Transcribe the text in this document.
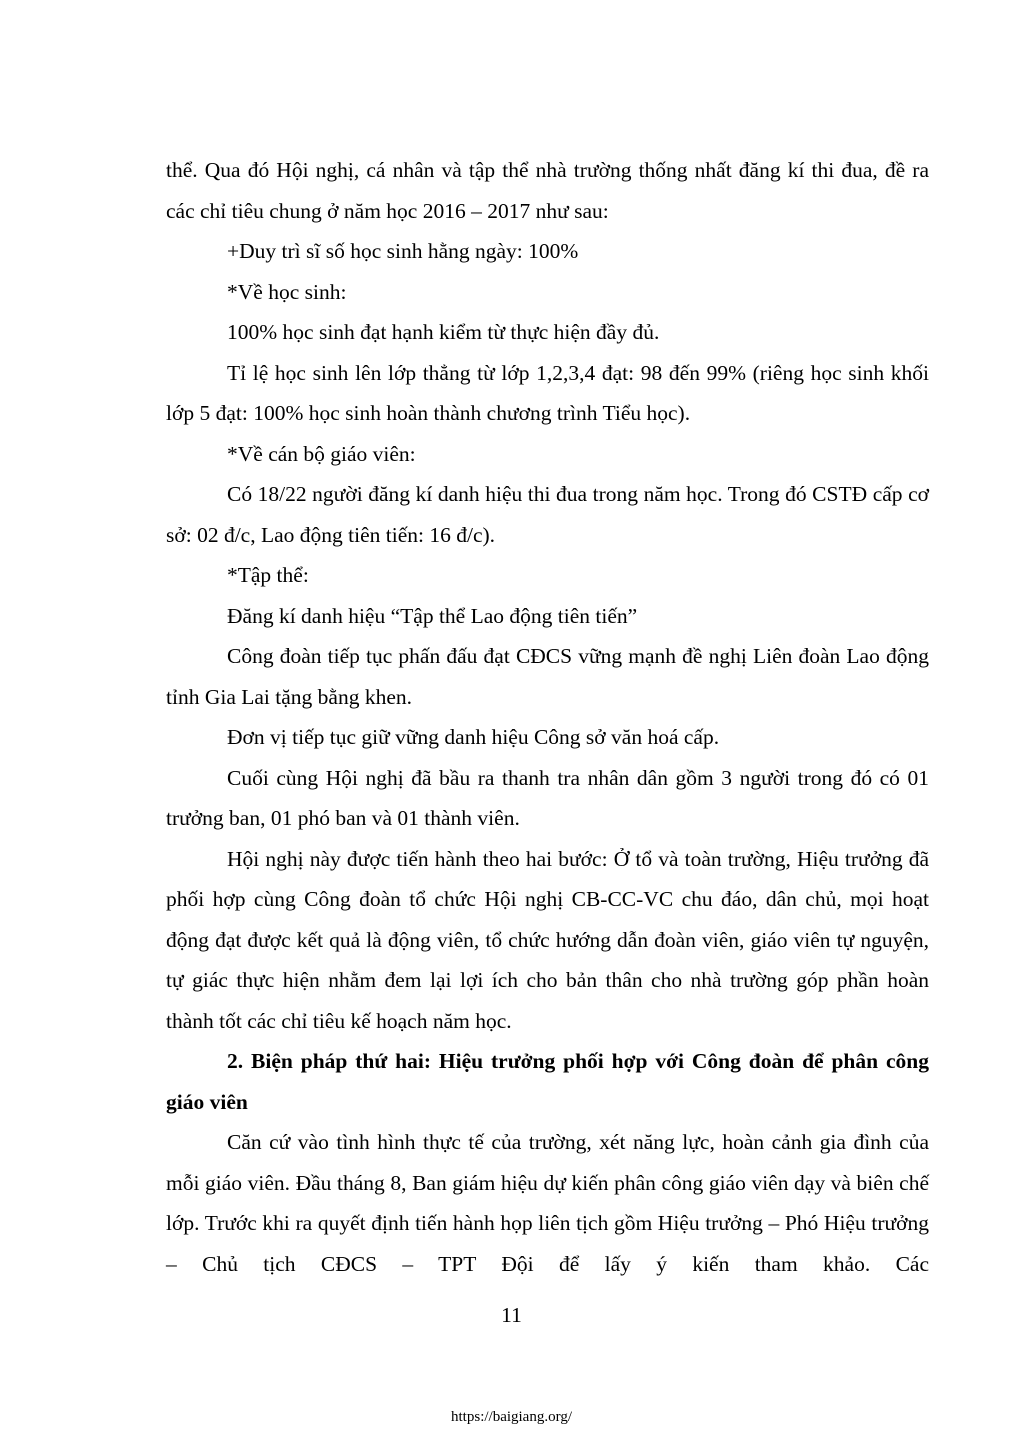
thể. Qua đó Hội nghị, cá nhân và tập thể nhà trường thống nhất đăng kí thi đua, đề ra các chỉ tiêu chung ở năm học 2016 – 2017 như sau:

+Duy trì sĩ số học sinh hằng ngày: 100%

*Về học sinh:

100% học sinh đạt hạnh kiểm từ thực hiện đầy đủ.

Tỉ lệ học sinh lên lớp thẳng từ lớp 1,2,3,4 đạt: 98 đến 99% (riêng học sinh khối lớp 5 đạt: 100% học sinh hoàn thành chương trình Tiểu học).

*Về cán bộ giáo viên:

Có 18/22 người đăng kí danh hiệu thi đua trong năm học. Trong đó CSTĐ cấp cơ sở: 02 đ/c, Lao động tiên tiến: 16 đ/c).

*Tập thể:

Đăng kí danh hiệu “Tập thể Lao động tiên tiến”

Công đoàn tiếp tục phấn đấu đạt CĐCS vững mạnh đề nghị Liên đoàn Lao động tỉnh Gia Lai tặng bằng khen.

Đơn vị tiếp tục giữ vững danh hiệu Công sở văn hoá cấp.

Cuối cùng Hội nghị đã bầu ra thanh tra nhân dân gồm 3 người trong đó có 01 trưởng ban, 01 phó ban và 01 thành viên.

Hội nghị này được tiến hành theo hai bước: Ở tổ và toàn trường, Hiệu trưởng đã phối hợp cùng Công đoàn tổ chức Hội nghị CB-CC-VC chu đáo, dân chủ, mọi hoạt động đạt được kết quả là động viên, tổ chức hướng dẫn đoàn viên, giáo viên tự nguyện, tự giác thực hiện nhằm đem lại lợi ích cho bản thân cho nhà trường góp phần hoàn thành tốt các chỉ tiêu kế hoạch năm học.

2. Biện pháp thứ hai: Hiệu trưởng phối hợp với Công đoàn để phân công giáo viên

Căn cứ vào tình hình thực tế của trường, xét năng lực, hoàn cảnh gia đình của mỗi giáo viên. Đầu tháng 8, Ban giám hiệu dự kiến phân công giáo viên dạy và biên chế lớp. Trước khi ra quyết định tiến hành họp liên tịch gồm Hiệu trưởng – Phó Hiệu trưởng – Chủ tịch CĐCS – TPT Đội để lấy ý kiến tham khảo. Các

11
https://baigiang.org/
